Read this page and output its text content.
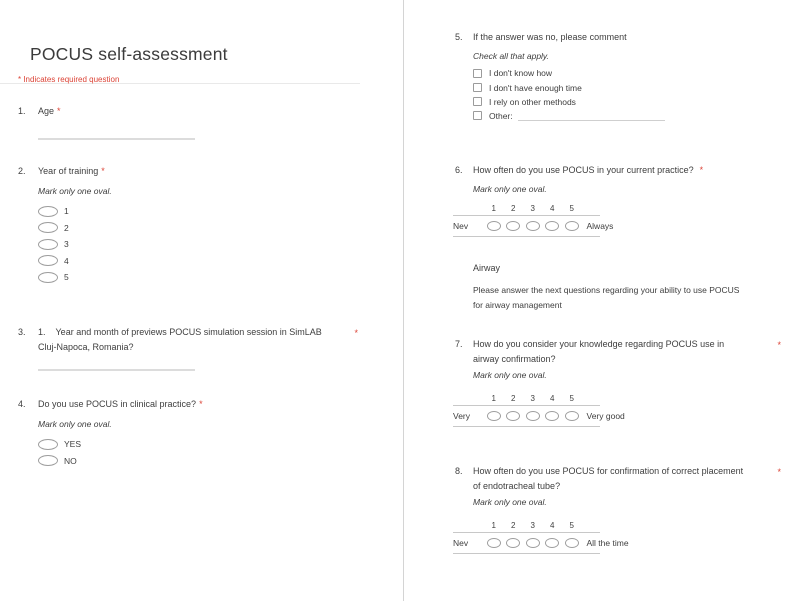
POCUS self-assessment
* Indicates required question
1.	Age *
2.	Year of training *
Mark only one oval.
1
2
3
4
5
3.	1.    Year and month of previews POCUS simulation session in SimLAB Cluj-Napoca, Romania?
*
4.	Do you use POCUS in clinical practice? *
Mark only one oval.
YES
NO
5.	If the answer was no, please comment
Check all that apply.
I don't know how
I don't have enough time
I rely on other methods
Other:
6.	How often do you use POCUS in your current practice? *
Mark only one oval.
1	2	3	4	5
Nev	Always
Airway
Please answer the next questions regarding your ability to use POCUS for airway management
7.	How do you consider your knowledge regarding POCUS use in airway confirmation?
*
Mark only one oval.
1	2	3	4	5
Very	Very good
8.	How often do you use POCUS for confirmation of correct placement of endotracheal tube?
*
Mark only one oval.
1	2	3	4	5
Nev	All the time
